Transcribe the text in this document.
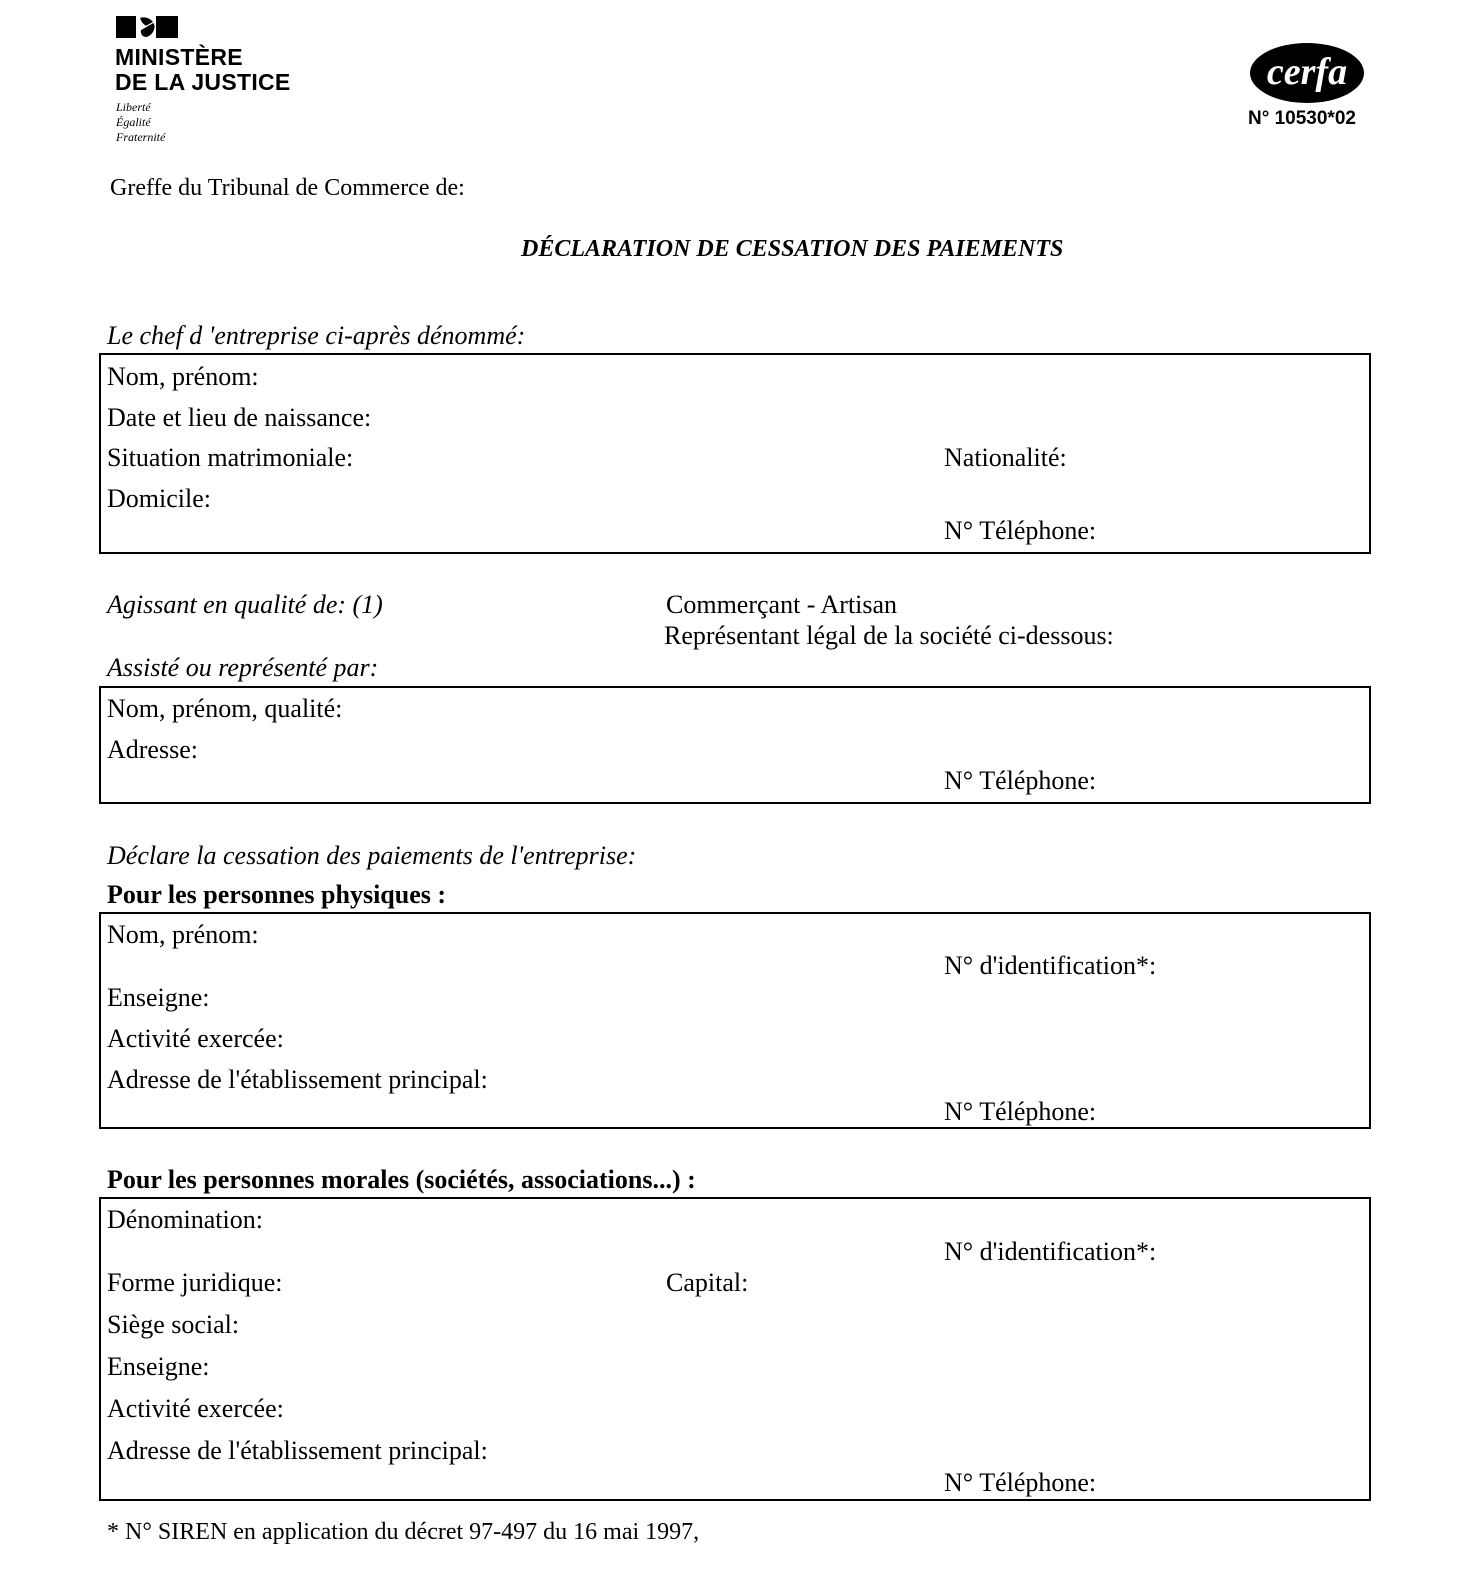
MINISTÈRE
DE LA JUSTICE
Liberté
Égalité
Fraternité
cerfa
N° 10530*02
Greffe du Tribunal de Commerce de:
DÉCLARATION DE CESSATION DES PAIEMENTS
Le chef d 'entreprise ci-après dénommé:
Nom, prénom:
Date et lieu de naissance:
Situation matrimoniale:	Nationalité:
Domicile:
N° Téléphone:
Agissant en qualité de: (1)	Commerçant - Artisan
Représentant légal de la société ci-dessous:
Assisté ou représenté par:
Nom, prénom, qualité:
Adresse:
N° Téléphone:
Déclare la cessation des paiements de l'entreprise:
Pour les personnes physiques :
Nom, prénom:
N° d'identification*:
Enseigne:
Activité exercée:
Adresse de l'établissement principal:
N° Téléphone:
Pour les personnes morales (sociétés, associations...) :
Dénomination:
N° d'identification*:
Forme juridique:	Capital:
Siège social:
Enseigne:
Activité exercée:
Adresse de l'établissement principal:
N° Téléphone:
* N° SIREN en application du décret 97-497 du 16 mai 1997,
